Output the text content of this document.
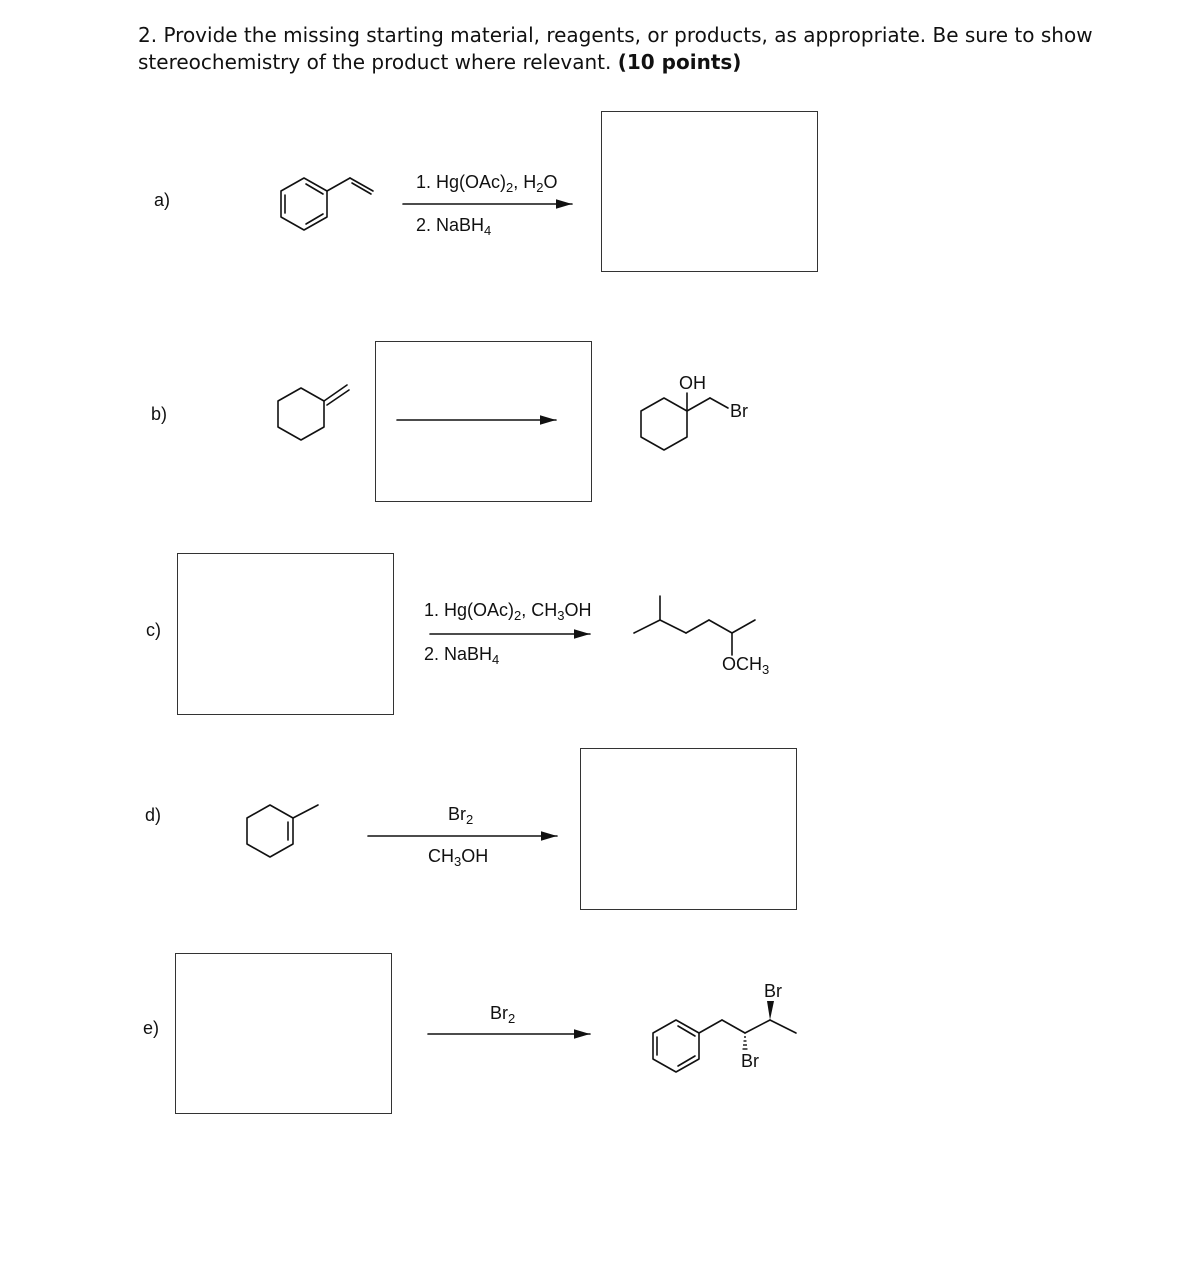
2. Provide the missing starting material, reagents, or products, as appropriate. Be sure to show stereochemistry of the product where relevant. (10 points)
a)
b)
c)
d)
e)
1. $Hg(OAc)_2$, $H_2O$
2. NaBH$_4$
OH
Br
1. $Hg(OAc)_2$, $CH_3OH$
2. NaBH$_4$	$OCH_3$
$Br_2$
$CH_3OH$
$Br_2$
Br
Br
